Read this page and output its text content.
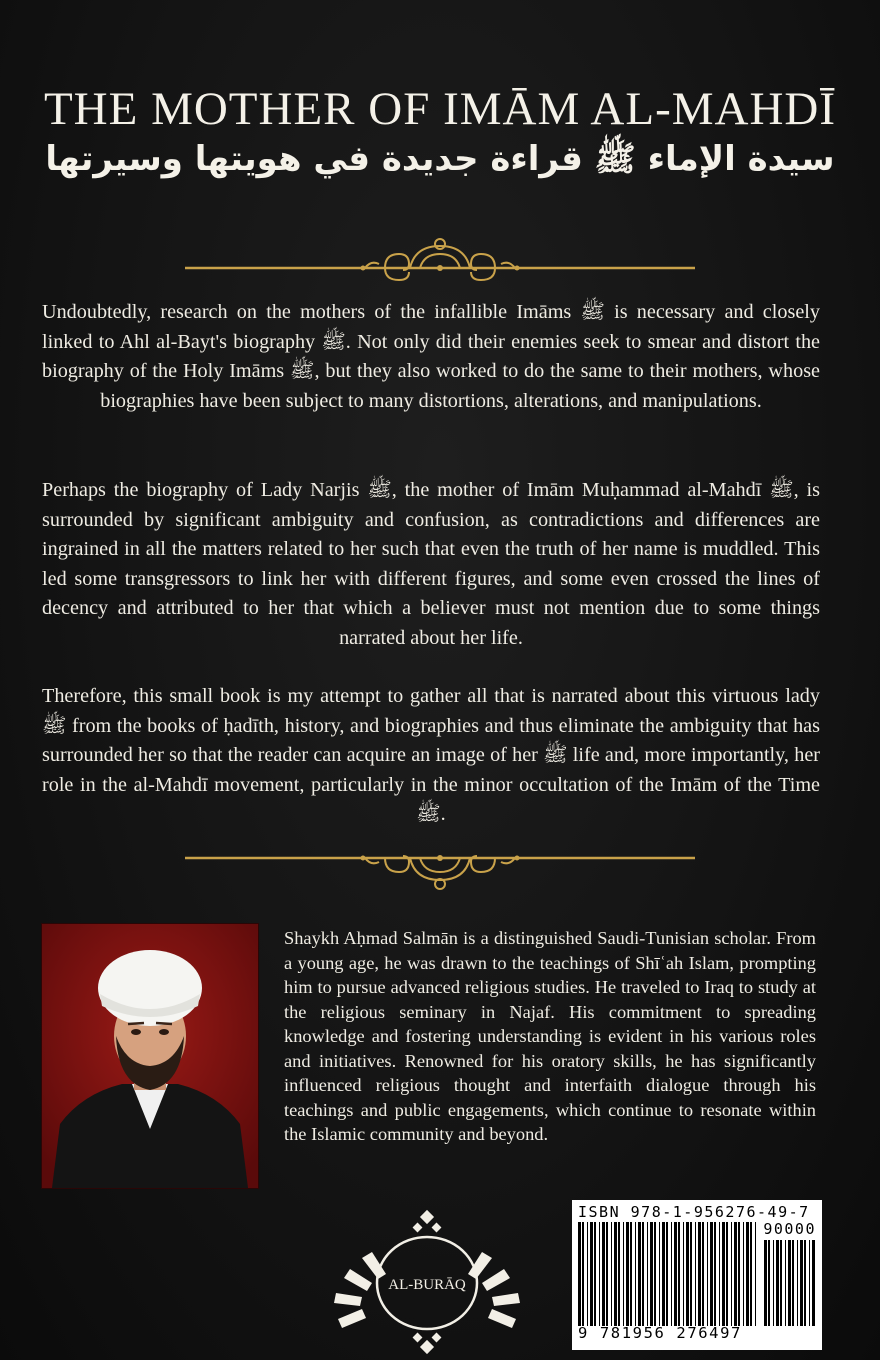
THE MOTHER OF IMĀM AL-MAHDĪ
سيدة الإماء ﷺ قراءة جديدة في هويتها وسيرتها

Undoubtedly, research on the mothers of the infallible Imāms ﷺ is necessary and closely linked to Ahl al-Bayt's biography ﷺ. Not only did their enemies seek to smear and distort the biography of the Holy Imāms ﷺ, but they also worked to do the same to their mothers, whose biographies have been subject to many distortions, alterations, and manipulations.

Perhaps the biography of Lady Narjis ﷺ, the mother of Imām Muḥammad al-Mahdī ﷺ, is surrounded by significant ambiguity and confusion, as contradictions and differences are ingrained in all the matters related to her such that even the truth of her name is muddled. This led some transgressors to link her with different figures, and some even crossed the lines of decency and attributed to her that which a believer must not mention due to some things narrated about her life.

Therefore, this small book is my attempt to gather all that is narrated about this virtuous lady ﷺ from the books of ḥadīth, history, and biographies and thus eliminate the ambiguity that has surrounded her so that the reader can acquire an image of her ﷺ life and, more importantly, her role in the al-Mahdī movement, particularly in the minor occultation of the Imām of the Time ﷺ.

Shaykh Aḥmad Salmān is a distinguished Saudi-Tunisian scholar. From a young age, he was drawn to the teachings of Shīʿah Islam, prompting him to pursue advanced religious studies. He traveled to Iraq to study at the religious seminary in Najaf. His commitment to spreading knowledge and fostering understanding is evident in his various roles and initiatives. Renowned for his oratory skills, he has significantly influenced religious thought and interfaith dialogue through his teachings and public engagements, which continue to resonate within the Islamic community and beyond.

AL-BURĀQ
ISBN 978-1-956276-49-7
90000
9 781956 276497
